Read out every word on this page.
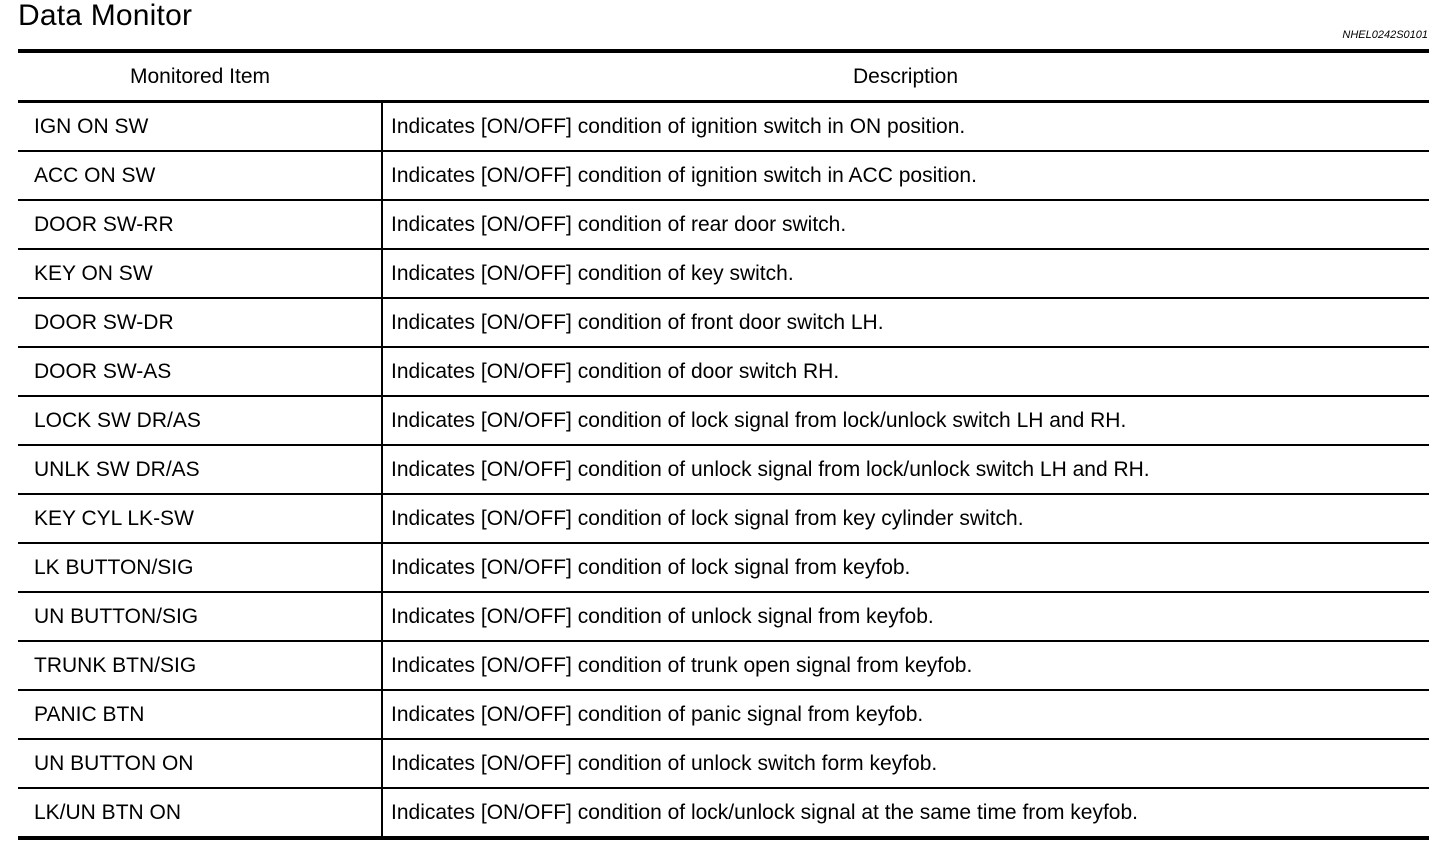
Data Monitor
NHEL0242S0101
Monitored Item	Description
IGN ON SW	Indicates [ON/OFF] condition of ignition switch in ON position.
ACC ON SW	Indicates [ON/OFF] condition of ignition switch in ACC position.
DOOR SW-RR	Indicates [ON/OFF] condition of rear door switch.
KEY ON SW	Indicates [ON/OFF] condition of key switch.
DOOR SW-DR	Indicates [ON/OFF] condition of front door switch LH.
DOOR SW-AS	Indicates [ON/OFF] condition of door switch RH.
LOCK SW DR/AS	Indicates [ON/OFF] condition of lock signal from lock/unlock switch LH and RH.
UNLK SW DR/AS	Indicates [ON/OFF] condition of unlock signal from lock/unlock switch LH and RH.
KEY CYL LK-SW	Indicates [ON/OFF] condition of lock signal from key cylinder switch.
LK BUTTON/SIG	Indicates [ON/OFF] condition of lock signal from keyfob.
UN BUTTON/SIG	Indicates [ON/OFF] condition of unlock signal from keyfob.
TRUNK BTN/SIG	Indicates [ON/OFF] condition of trunk open signal from keyfob.
PANIC BTN	Indicates [ON/OFF] condition of panic signal from keyfob.
UN BUTTON ON	Indicates [ON/OFF] condition of unlock switch form keyfob.
LK/UN BTN ON	Indicates [ON/OFF] condition of lock/unlock signal at the same time from keyfob.
